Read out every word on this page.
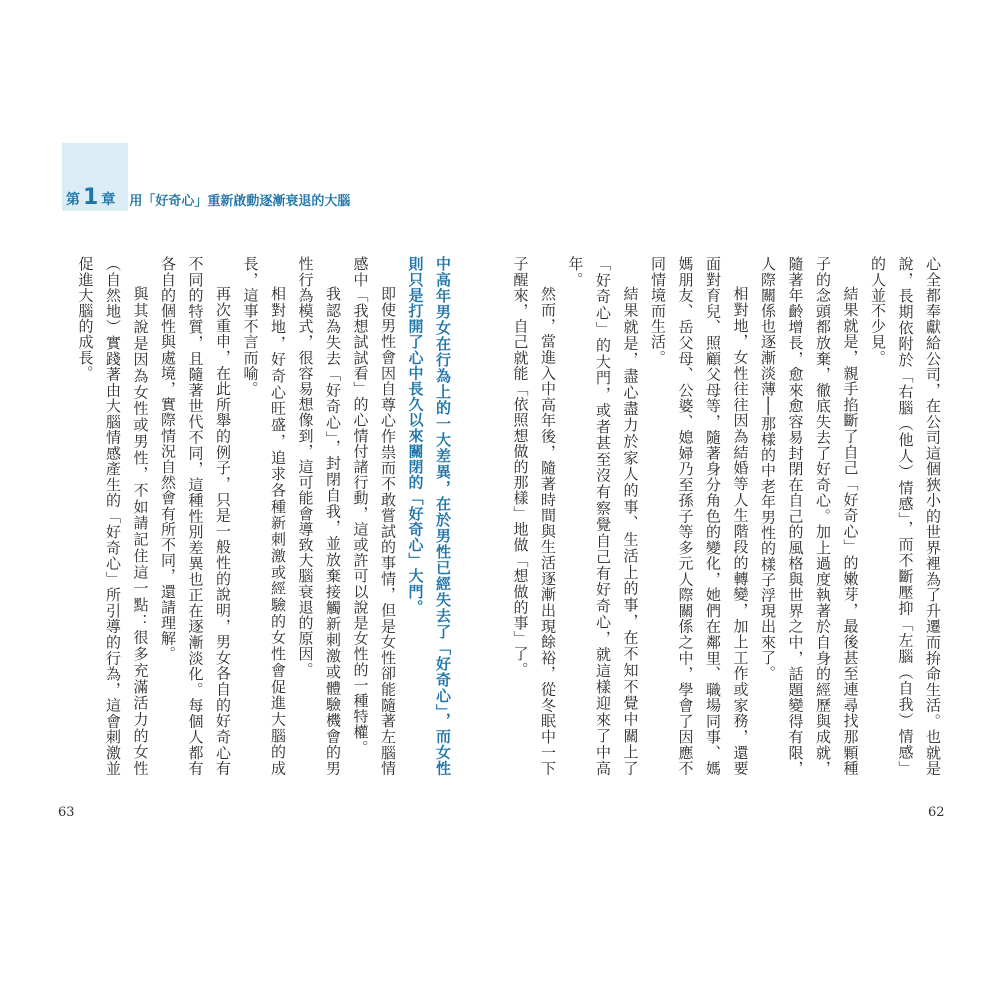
第 1 章 用「好奇心」重新啟動逐漸衰退的大腦

心全都奉獻給公司，在公司這個狹小的世界裡為了升遷而拚命生活。也就是說，長期依附於「右腦（他人）情感」，而不斷壓抑「左腦（自我）情感」的人並不少見。

結果就是，親手掐斷了自己「好奇心」的嫩芽，最後甚至連尋找那顆種子的念頭都放棄，徹底失去了好奇心。加上過度執著於自身的經歷與成就，隨著年齡增長，愈來愈容易封閉在自己的風格與世界之中，話題變得有限，人際關係也逐漸淡薄──那樣的中老年男性的樣子浮現出來了。

相對地，女性往往因為結婚等人生階段的轉變，加上工作或家務，還要面對育兒、照顧父母等，隨著身分角色的變化，她們在鄰里、職場同事、媽媽朋友、岳父母、公婆、媳婦乃至孫子等多元人際關係之中，學會了因應不同情境而生活。

結果就是，盡心盡力於家人的事、生活上的事，在不知不覺中關上了「好奇心」的大門，或者甚至沒有察覺自己有好奇心，就這樣迎來了中高年。

然而，當進入中高年後，隨著時間與生活逐漸出現餘裕，從冬眠中一下子醒來，自己就能「依照想做的那樣」地做「想做的事」了。

中高年男女在行為上的一大差異，在於男性已經失去了「好奇心」，而女性則只是打開了心中長久以來關閉的「好奇心」大門。

即使男性會因自尊心作祟而不敢嘗試的事情，但是女性卻能隨著左腦情感中「我想試試看」的心情付諸行動，這或許可以說是女性的一種特權。

我認為失去「好奇心」，封閉自我，並放棄接觸新刺激或體驗機會的男性行為模式，很容易想像到，這可能會導致大腦衰退的原因。

相對地，好奇心旺盛，追求各種新刺激或經驗的女性會促進大腦的成長，這事不言而喻。

再次重申，在此所舉的例子，只是一般性的說明，男女各自的好奇心有不同的特質，且隨著世代不同，這種性別差異也正在逐漸淡化。每個人都有各自的個性與處境，實際情況自然會有所不同，還請理解。

與其說是因為女性或男性，不如請記住這一點：很多充滿活力的女性（自然地）實踐著由大腦情感產生的「好奇心」所引導的行為，這會刺激並促進大腦的成長。

63	62
